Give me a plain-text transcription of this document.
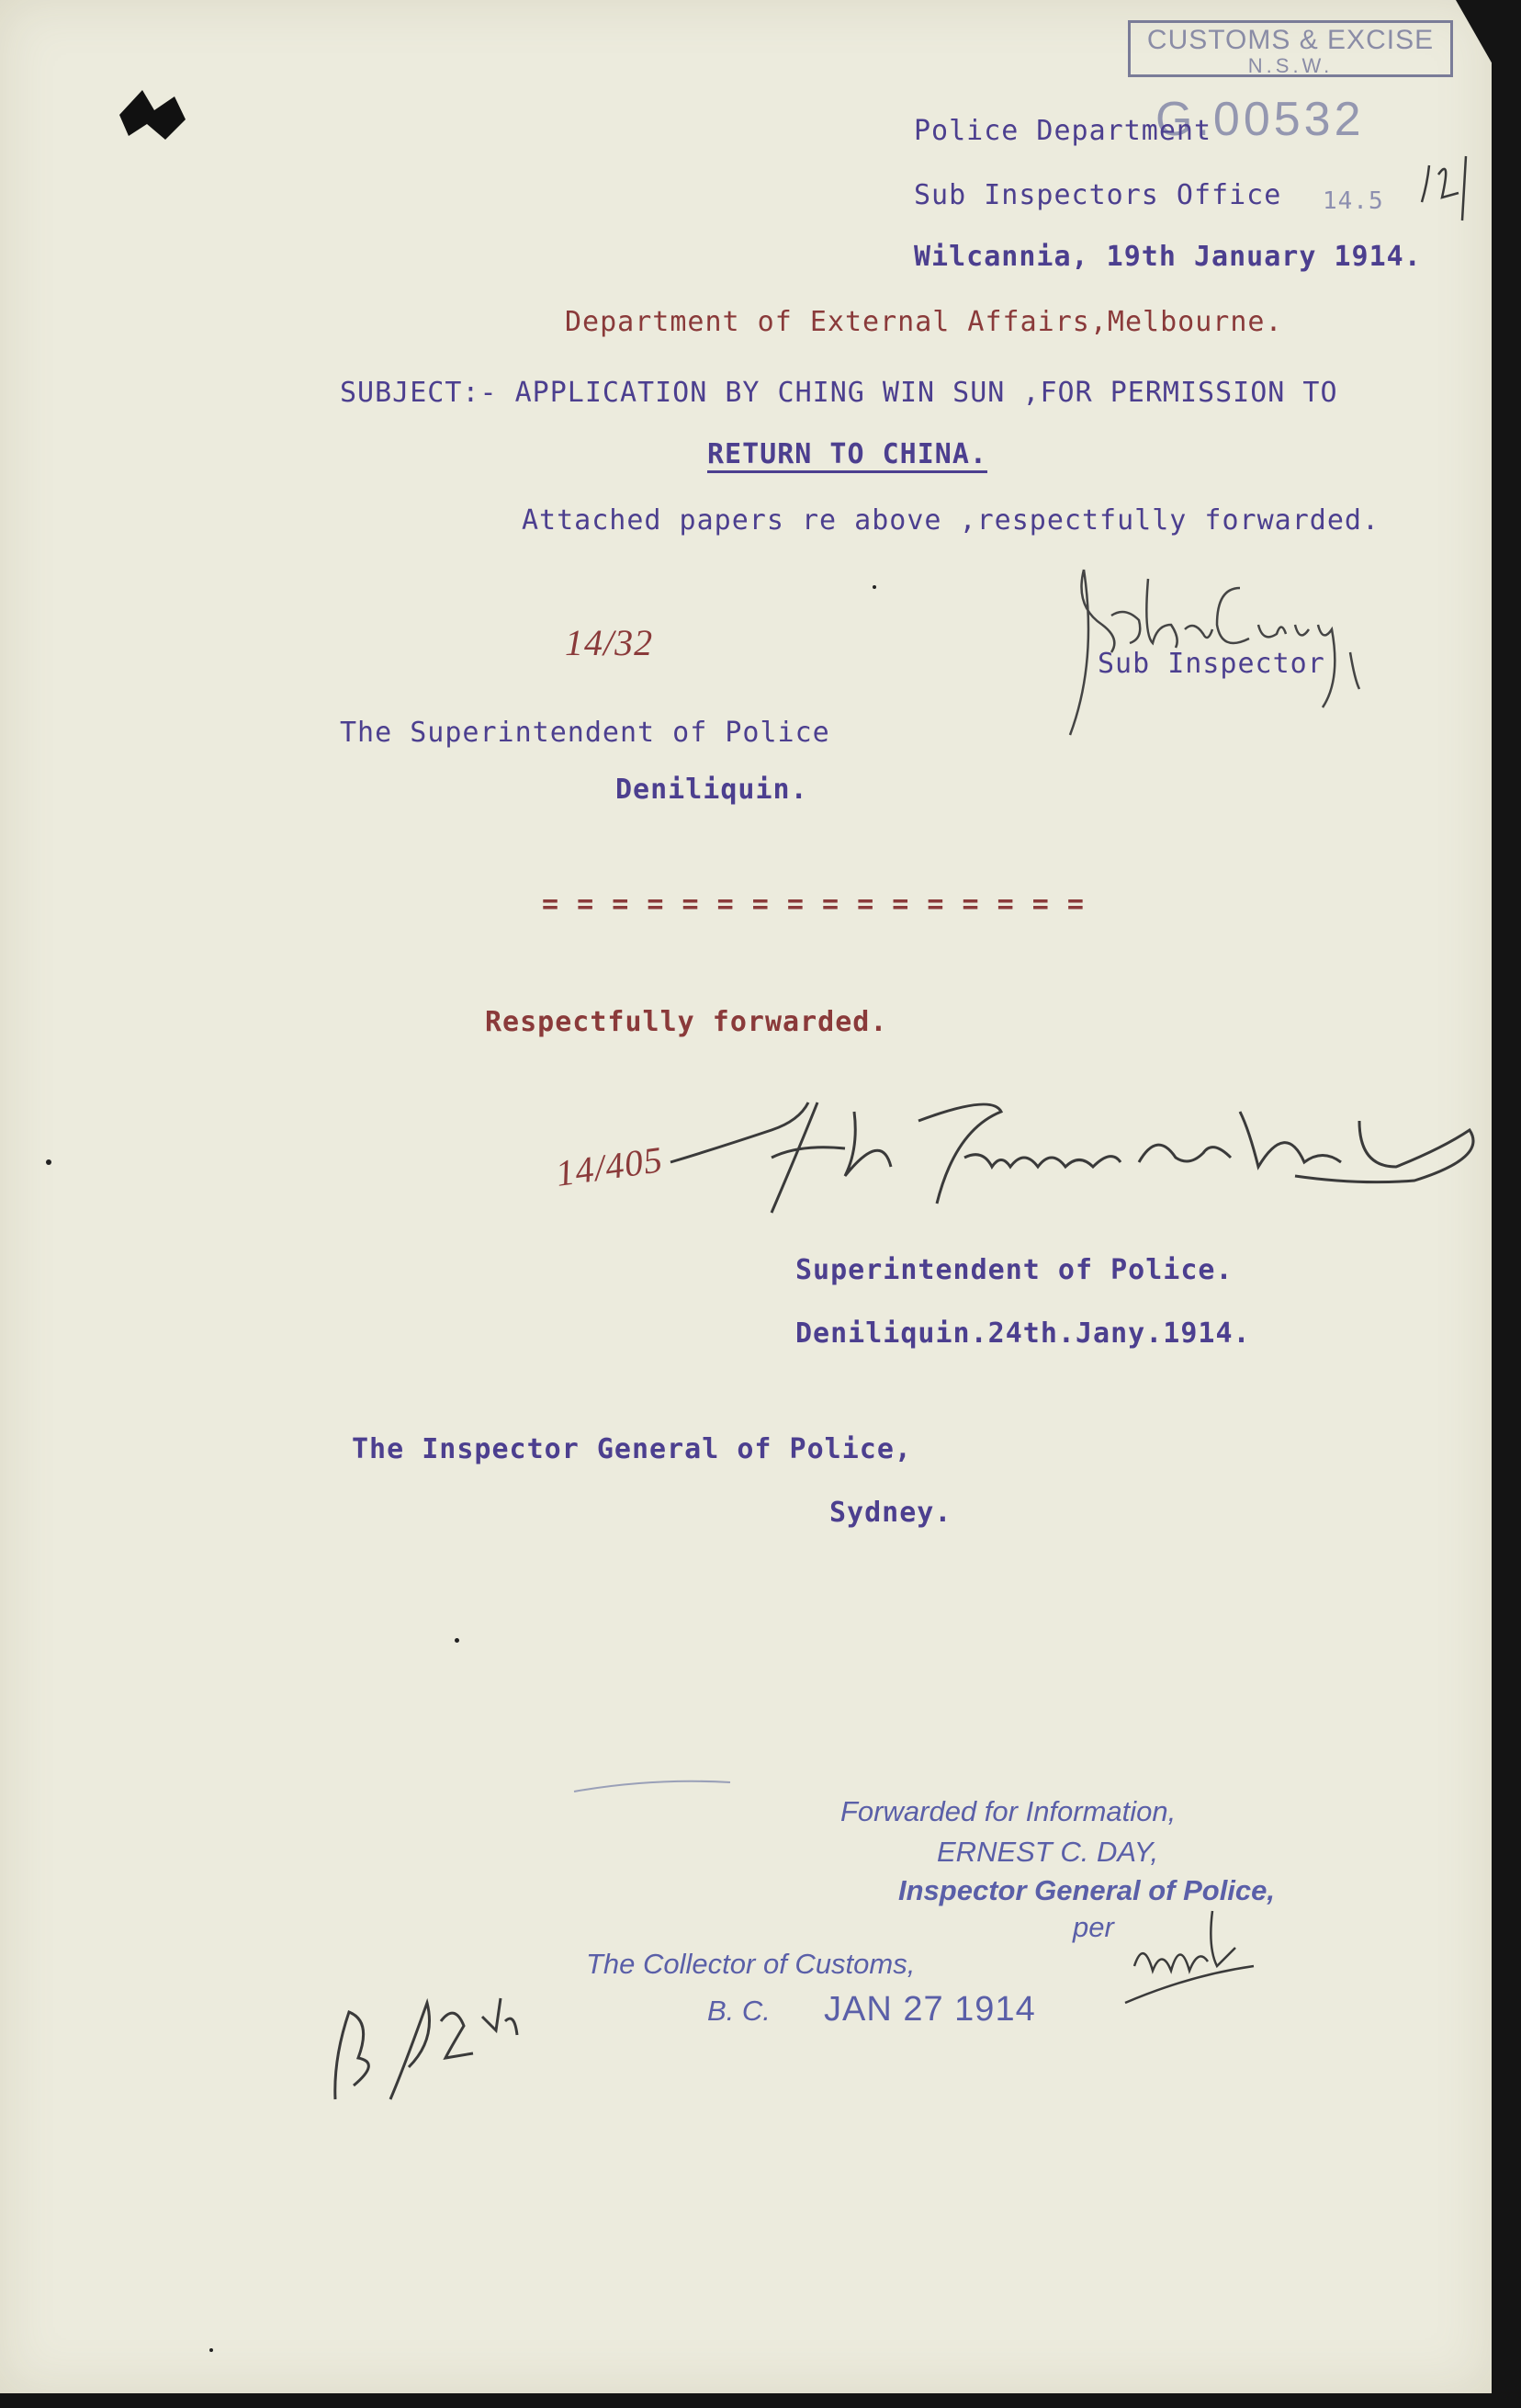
CUSTOMS & EXCISE
N.S.W.
G.00532
14.5
Police Department
Sub Inspectors Office
Wilcannia, 19th January 1914.
Department of External Affairs,Melbourne.
SUBJECT:- APPLICATION BY CHING WIN SUN ,FOR PERMISSION TO
RETURN TO CHINA.
Attached papers re above ,respectfully forwarded.
14/32
Sub Inspector
The Superintendent of Police
Deniliquin.
= = = = = = = = = = = = = = = =
Respectfully forwarded.
14/405
Superintendent of Police.
Deniliquin.24th.Jany.1914.
The Inspector General of Police,
Sydney.
Forwarded for Information,
ERNEST C. DAY,
Inspector General of Police,
per
The Collector of Customs,
B. C. JAN 27 1914
